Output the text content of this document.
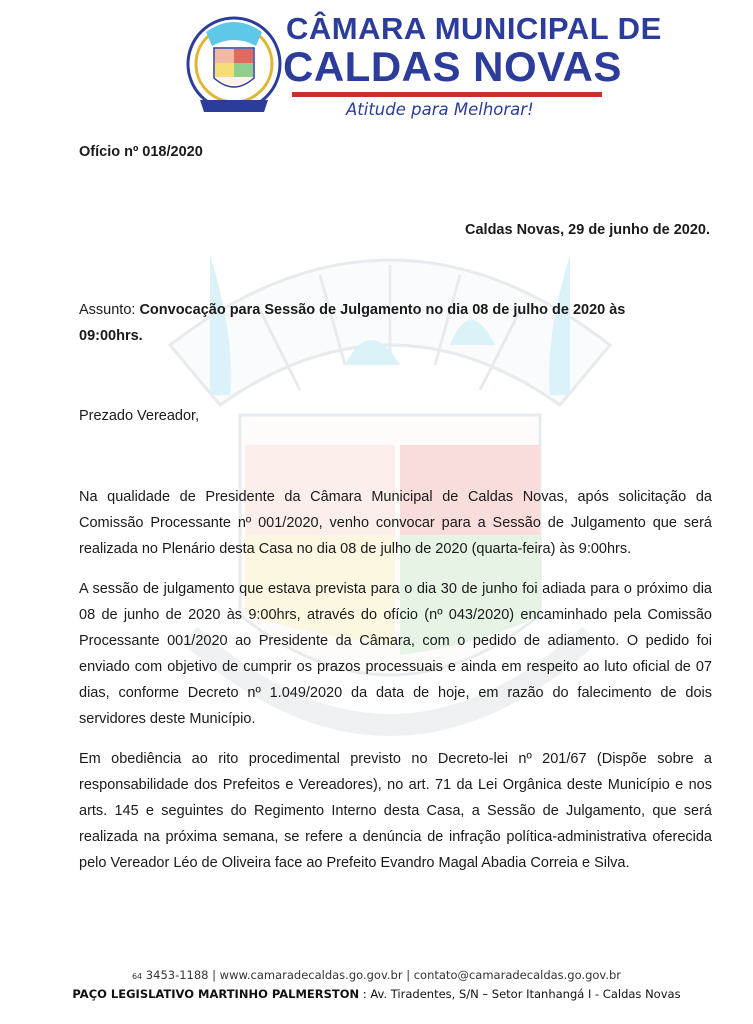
CÂMARA MUNICIPAL DE
CALDAS NOVAS
Atitude para Melhorar!
Ofício nº 018/2020
Caldas Novas, 29 de junho de 2020.
Assunto: Convocação para Sessão de Julgamento no dia 08 de julho de 2020 às 09:00hrs.
Prezado Vereador,
Na qualidade de Presidente da Câmara Municipal de Caldas Novas, após solicitação da Comissão Processante nº 001/2020, venho convocar para a Sessão de Julgamento que será realizada no Plenário desta Casa no dia 08 de julho de 2020 (quarta-feira) às 9:00hrs.
A sessão de julgamento que estava prevista para o dia 30 de junho foi adiada para o próximo dia 08 de junho de 2020 às 9:00hrs, através do ofício (nº 043/2020) encaminhado pela Comissão Processante 001/2020 ao Presidente da Câmara, com o pedido de adiamento. O pedido foi enviado com objetivo de cumprir os prazos processuais e ainda em respeito ao luto oficial de 07 dias, conforme Decreto nº 1.049/2020 da data de hoje, em razão do falecimento de dois servidores deste Município.
Em obediência ao rito procedimental previsto no Decreto-lei nº 201/67 (Dispõe sobre a responsabilidade dos Prefeitos e Vereadores), no art. 71 da Lei Orgânica deste Município e nos arts. 145 e seguintes do Regimento Interno desta Casa, a Sessão de Julgamento, que será realizada na próxima semana, se refere a denúncia de infração política-administrativa oferecida pelo Vereador Léo de Oliveira face ao Prefeito Evandro Magal Abadia Correia e Silva.
64 3453-1188 | www.camaradecaldas.go.gov.br | contato@camaradecaldas.go.gov.br
PAÇO LEGISLATIVO MARTINHO PALMERSTON : Av. Tiradentes, S/N – Setor Itanhangá I - Caldas Novas
